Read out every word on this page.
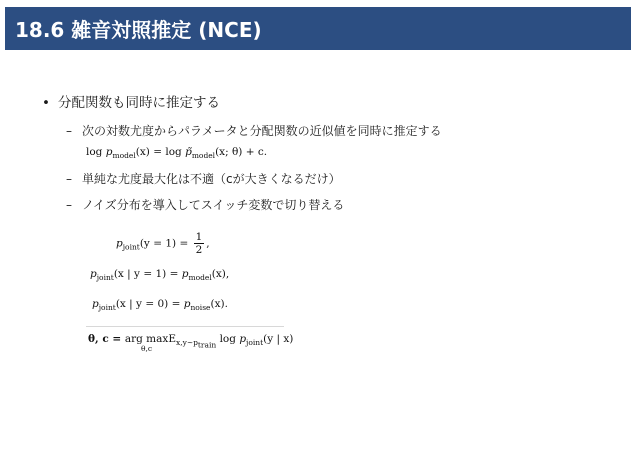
18.6 雑音対照推定 (NCE)
• 分配関数も同時に推定する
– 次の対数尤度からパラメータと分配関数の近似値を同時に推定する
$\log p_{model}(x) = \log$ $p̃_{model}(x$; θ) + c.
– 単純な尤度最大化は不適（cが大きくなるだけ）
– ノイズ分布を導入してスイッチ変数で切り替える
$p_{joint}(y = 1) = \frac{1}{2}$ ,
$p_{joint}(x$ | $y = 1) = p_{model}(x)$,
$p_{joint}(x$ | $y = 0) = p_{noise}(x)$.
θ, c = arg max
θ,c
$E_{x,y\sim p_{train}}$ $\log p_{joint}(y$ | x)
